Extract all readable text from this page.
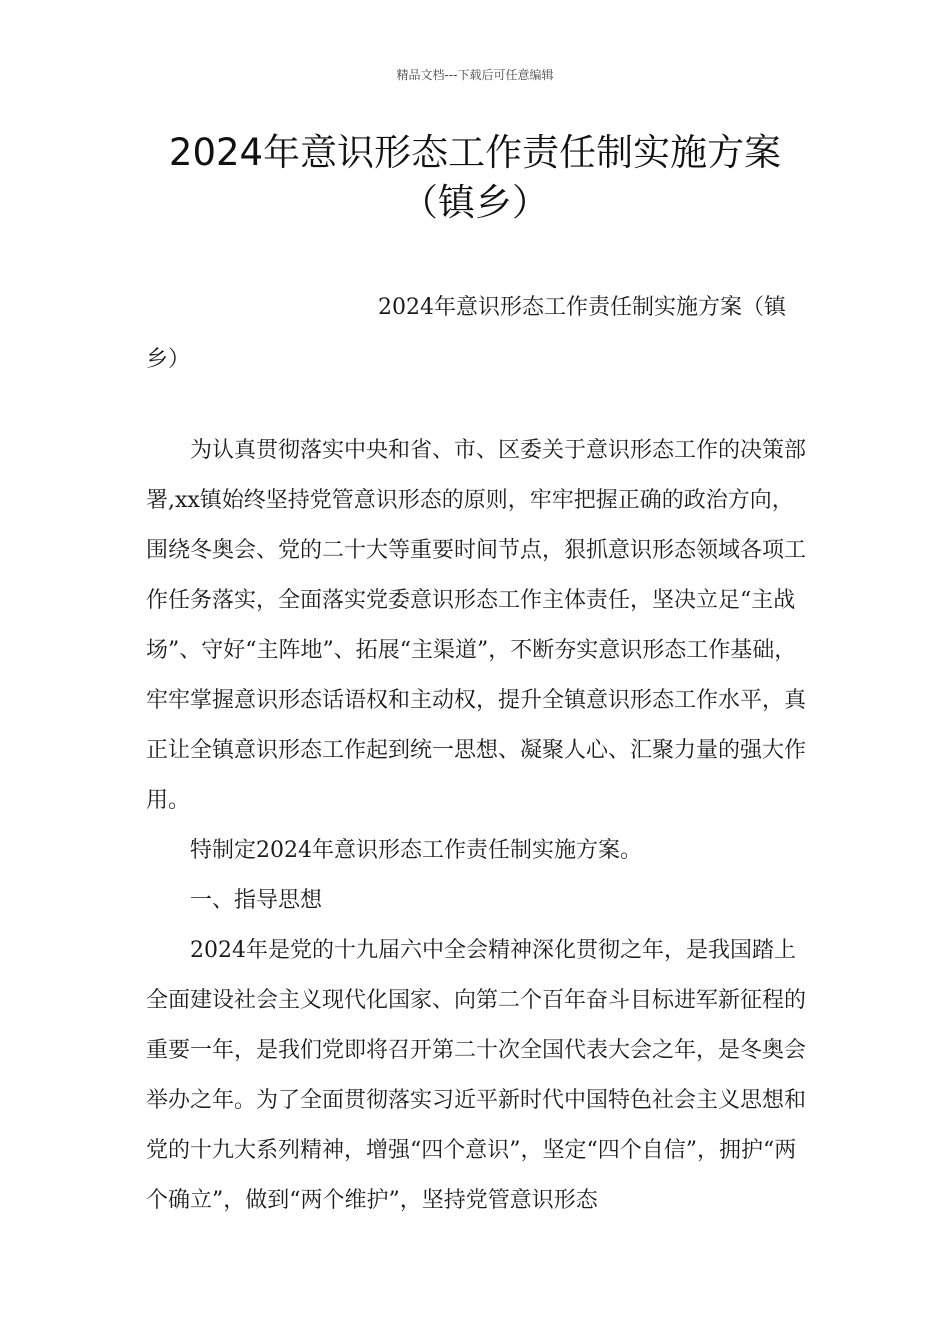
精品文档---下载后可任意编辑
2024年意识形态工作责任制实施方案
（镇乡）

2024年意识形态工作责任制实施方案（镇乡）

为认真贯彻落实中央和省、市、区委关于意识形态工作的决策部署,xx镇始终坚持党管意识形态的原则，牢牢把握正确的政治方向，围绕冬奥会、党的二十大等重要时间节点，狠抓意识形态领域各项工作任务落实，全面落实党委意识形态工作主体责任，坚决立足“主战场”、守好“主阵地”、拓展“主渠道”，不断夯实意识形态工作基础，牢牢掌握意识形态话语权和主动权，提升全镇意识形态工作水平，真正让全镇意识形态工作起到统一思想、凝聚人心、汇聚力量的强大作用。

特制定2024年意识形态工作责任制实施方案。

一、指导思想

2024年是党的十九届六中全会精神深化贯彻之年，是我国踏上全面建设社会主义现代化国家、向第二个百年奋斗目标进军新征程的重要一年，是我们党即将召开第二十次全国代表大会之年，是冬奥会举办之年。为了全面贯彻落实习近平新时代中国特色社会主义思想和党的十九大系列精神，增强“四个意识”，坚定“四个自信”，拥护“两个确立”，做到“两个维护”，坚持党管意识形态
